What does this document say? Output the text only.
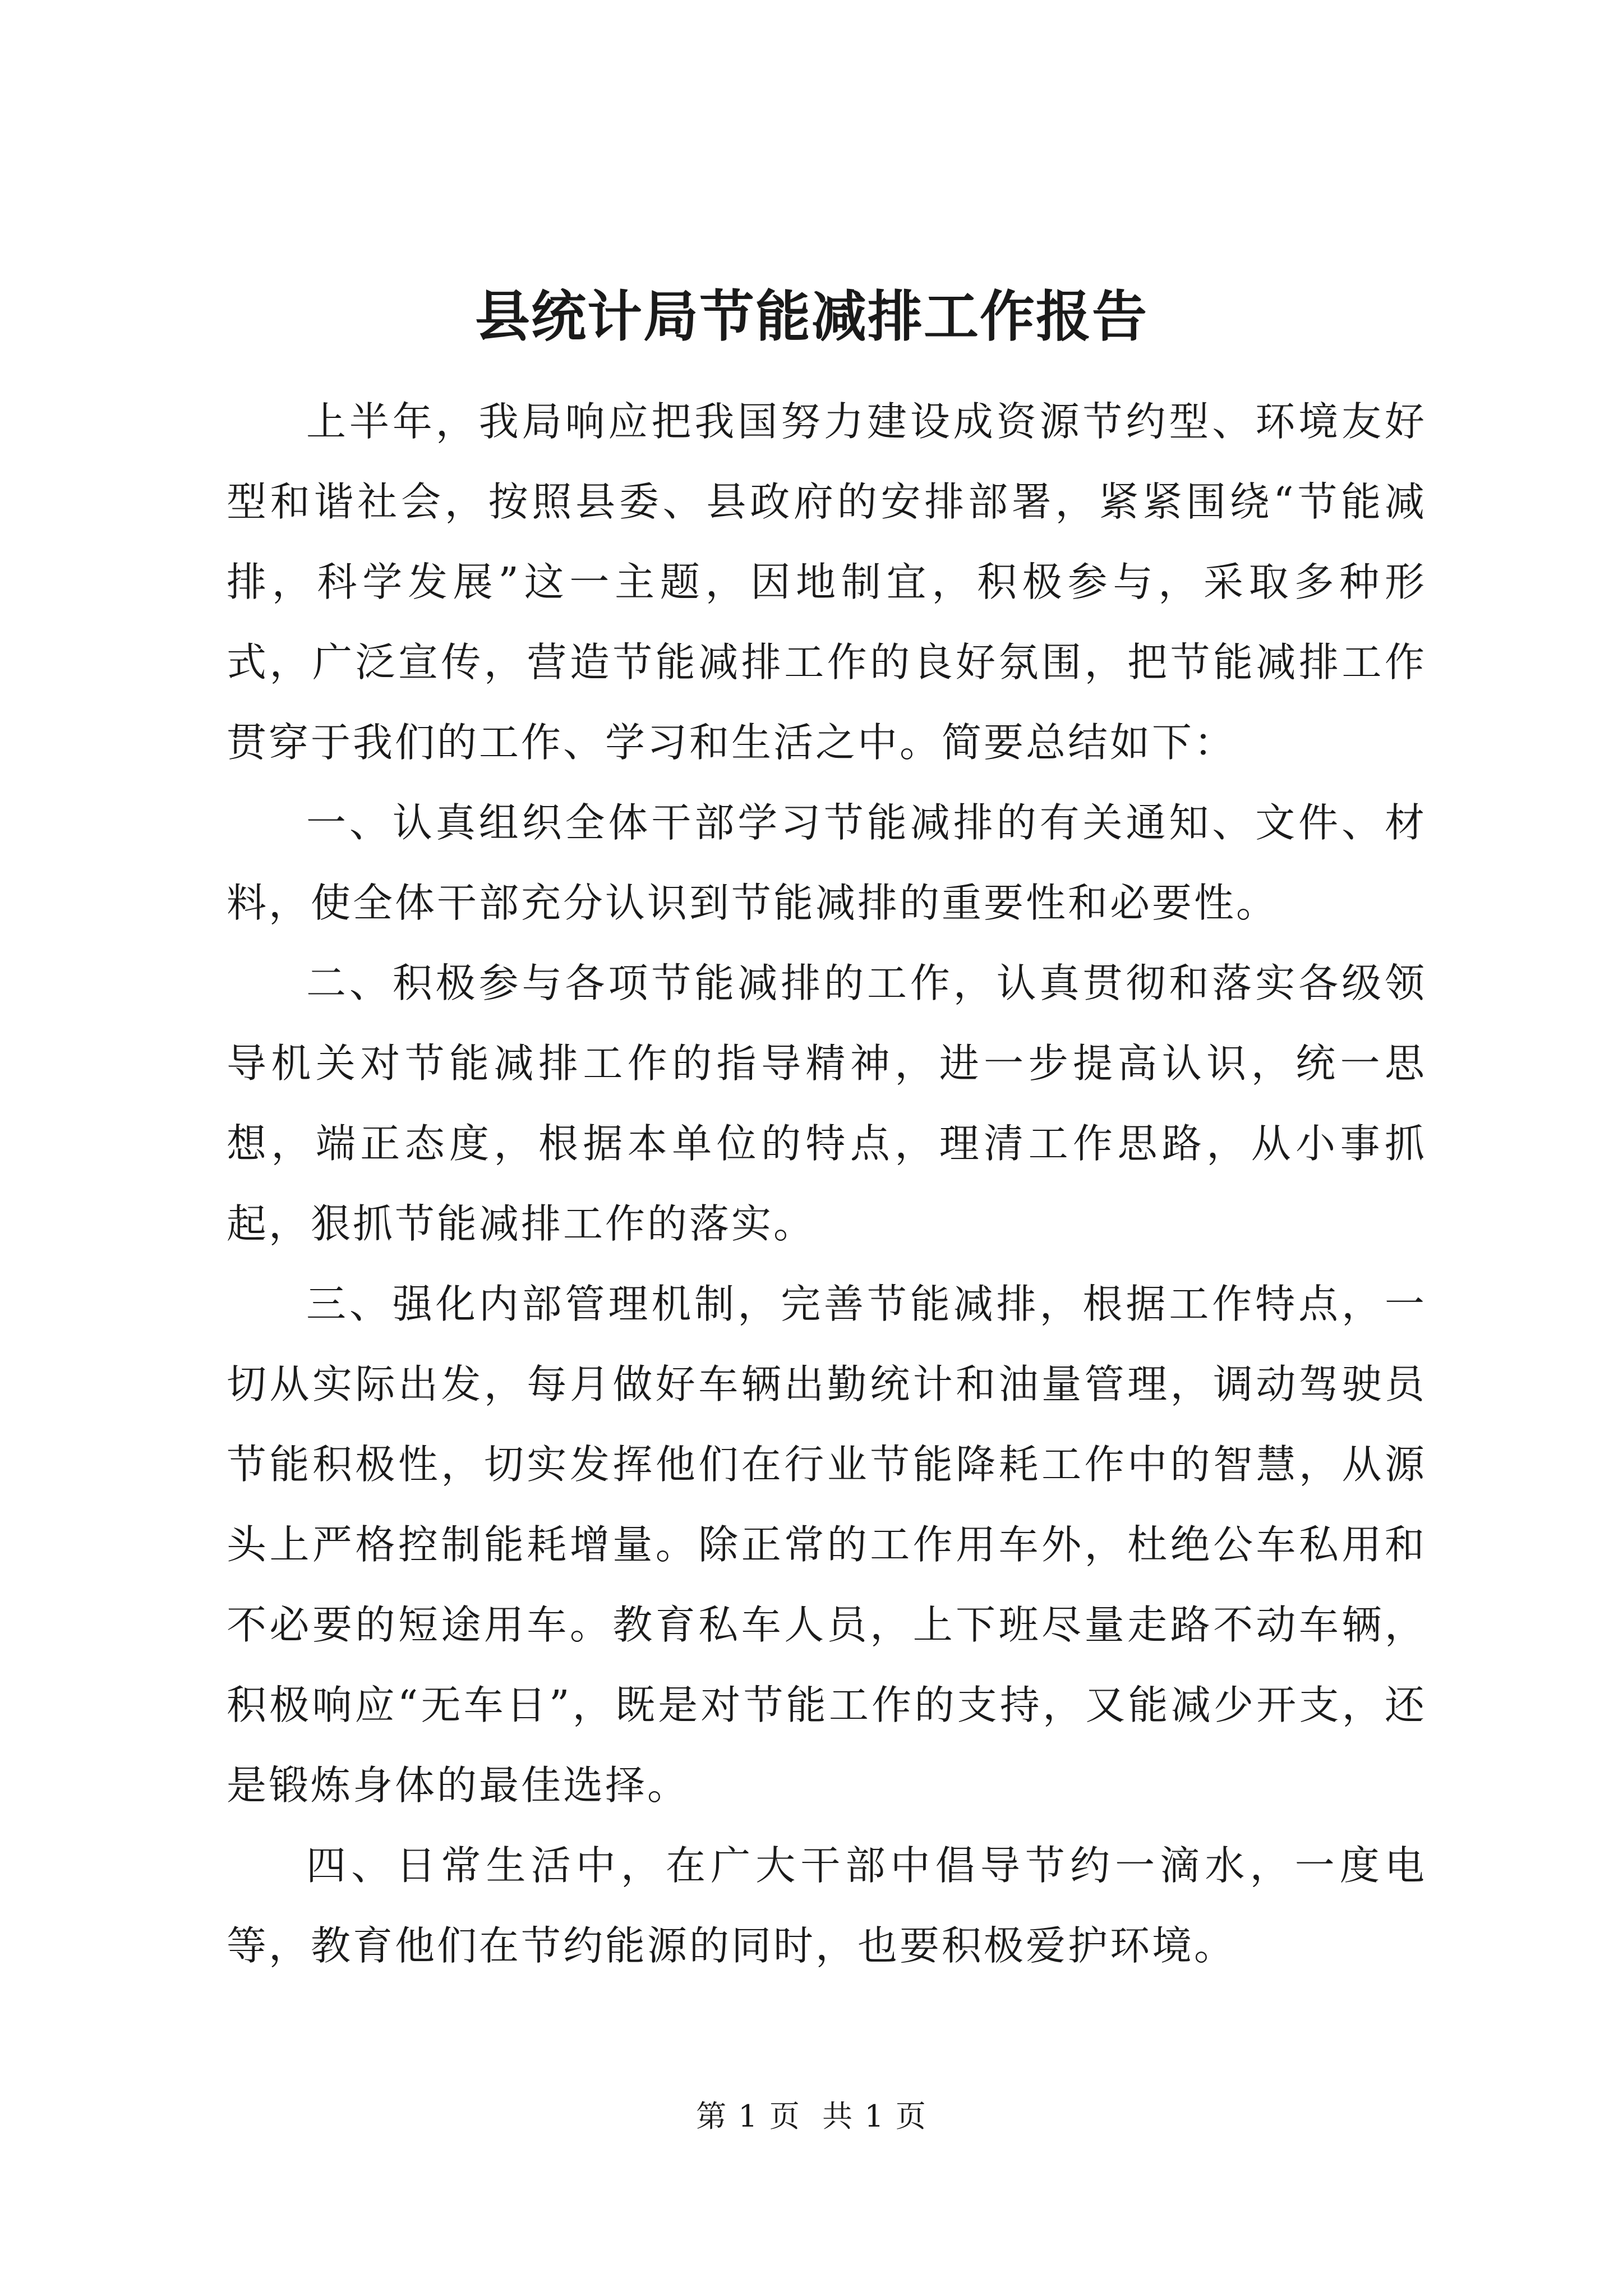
县统计局节能减排工作报告

上半年，我局响应把我国努力建设成资源节约型、环境友好型和谐社会，按照县委、县政府的安排部署，紧紧围绕“节能减排，科学发展”这一主题，因地制宜，积极参与，采取多种形式，广泛宣传，营造节能减排工作的良好氛围，把节能减排工作贯穿于我们的工作、学习和生活之中。简要总结如下：

一、认真组织全体干部学习节能减排的有关通知、文件、材料，使全体干部充分认识到节能减排的重要性和必要性。

二、积极参与各项节能减排的工作，认真贯彻和落实各级领导机关对节能减排工作的指导精神，进一步提高认识，统一思想，端正态度，根据本单位的特点，理清工作思路，从小事抓起，狠抓节能减排工作的落实。

三、强化内部管理机制，完善节能减排，根据工作特点，一切从实际出发，每月做好车辆出勤统计和油量管理，调动驾驶员节能积极性，切实发挥他们在行业节能降耗工作中的智慧，从源头上严格控制能耗增量。除正常的工作用车外，杜绝公车私用和不必要的短途用车。教育私车人员，上下班尽量走路不动车辆，积极响应“无车日”，既是对节能工作的支持，又能减少开支，还是锻炼身体的最佳选择。

四、日常生活中，在广大干部中倡导节约一滴水，一度电等，教育他们在节约能源的同时，也要积极爱护环境。

第 1 页  共 1 页
